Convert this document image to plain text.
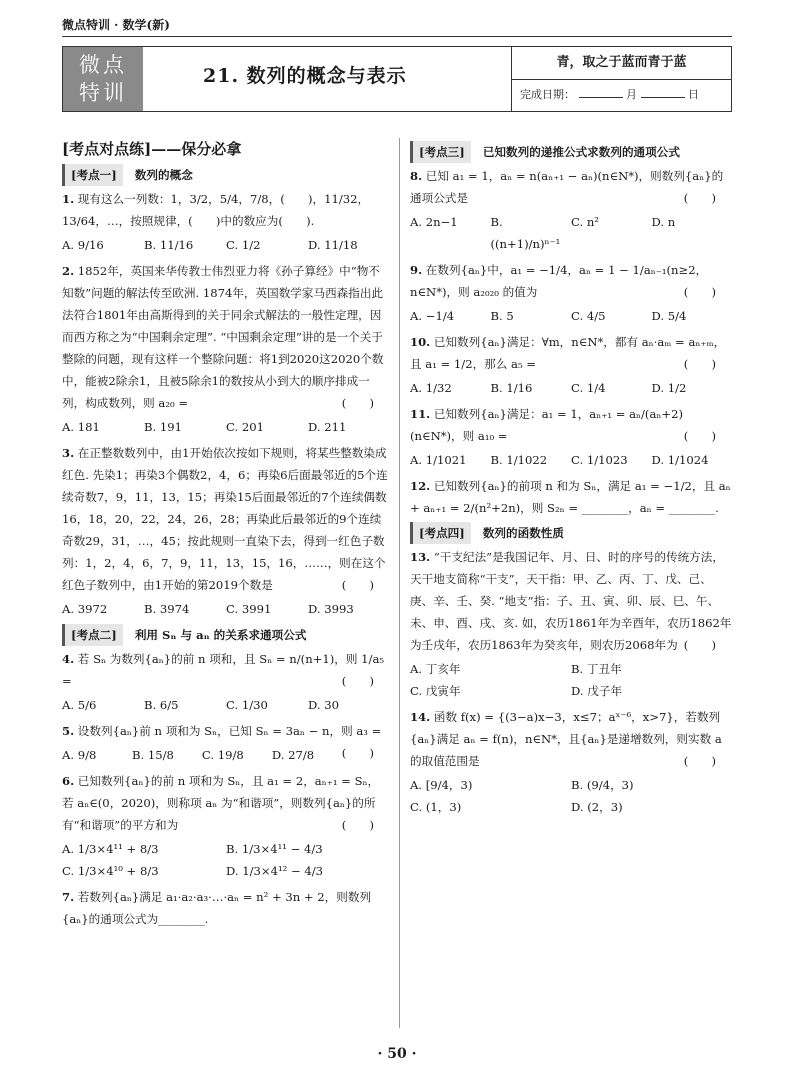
微点特训 · 数学(新)
微点
特训
21. 数列的概念与表示
青，取之于蓝而青于蓝
完成日期：	月	日
[考点对点练]——保分必拿
[考点一] 数列的概念
1. 现有这么一列数：1，3/2，5/4，7/8，(　　)，11/32，13/64，…，按照规律，(　　)中的数应为(　　).
A. 9/16	B. 11/16	C. 1/2	D. 11/18
2. 1852年，英国来华传教士伟烈亚力将《孙子算经》中“物不知数”问题的解法传至欧洲. 1874年，英国数学家马西森指出此法符合1801年由高斯得到的关于同余式解法的一般性定理，因而西方称之为“中国剩余定理”. “中国剩余定理”讲的是一个关于整除的问题，现有这样一个整除问题：将1到2020这2020个数中，能被2除余1，且被5除余1的数按从小到大的顺序排成一列，构成数列，则 a₂₀ =	(　　)
A. 181	B. 191	C. 201	D. 211
3. 在正整数数列中，由1开始依次按如下规则，将某些整数染成红色. 先染1；再染3个偶数2，4，6；再染6后面最邻近的5个连续奇数7，9，11，13，15；再染15后面最邻近的7个连续偶数16，18，20，22，24，26，28；再染此后最邻近的9个连续奇数29，31，…，45；按此规则一直染下去，得到一红色子数列：1，2，4，6，7，9，11，13，15，16，……，则在这个红色子数列中，由1开始的第2019个数是	(　　)
A. 3972	B. 3974	C. 3991	D. 3993
[考点二] 利用 Sₙ 与 aₙ 的关系求通项公式
4. 若 Sₙ 为数列{aₙ}的前 n 项和，且 Sₙ = n/(n+1)，则 1/a₅ =	(　　)
A. 5/6	B. 6/5	C. 1/30	D. 30
5. 设数列{aₙ}前 n 项和为 Sₙ，已知 Sₙ = 3aₙ − n，则 a₃ =
(　　)
A. 9/8	B. 15/8	C. 19/8	D. 27/8
6. 已知数列{aₙ}的前 n 项和为 Sₙ，且 a₁ = 2，aₙ₊₁ = Sₙ，若 aₙ∈(0，2020)，则称项 aₙ 为“和谐项”，则数列{aₙ}的所有“和谐项”的平方和为	(　　)
A. 1/3×4¹¹ + 8/3	B. 1/3×4¹¹ − 4/3
C. 1/3×4¹⁰ + 8/3	D. 1/3×4¹² − 4/3
7. 若数列{aₙ}满足 a₁·a₂·a₃·…·aₙ = n² + 3n + 2，则数列{aₙ}的通项公式为________.
[考点三] 已知数列的递推公式求数列的通项公式
8. 已知 a₁ = 1，aₙ = n(aₙ₊₁ − aₙ)(n∈N*)，则数列{aₙ}的通项公式是	(　　)
A. 2n−1	B. ((n+1)/n)ⁿ⁻¹
C. n²	D. n
9. 在数列{aₙ}中，a₁ = −1/4，aₙ = 1 − 1/aₙ₋₁(n≥2，n∈N*)，则 a₂₀₂₀ 的值为	(　　)
A. −1/4	B. 5	C. 4/5	D. 5/4
10. 已知数列{aₙ}满足：∀m，n∈N*，都有 aₙ·aₘ = aₙ₊ₘ，且 a₁ = 1/2，那么 a₅ =	(　　)
A. 1/32	B. 1/16	C. 1/4	D. 1/2
11. 已知数列{aₙ}满足：a₁ = 1，aₙ₊₁ = aₙ/(aₙ+2)(n∈N*)，则 a₁₀ =	(　　)
A. 1/1021	B. 1/1022	C. 1/1023	D. 1/1024
12. 已知数列{aₙ}的前项 n 和为 Sₙ，满足 a₁ = −1/2，且 aₙ + aₙ₊₁ = 2/(n²+2n)，则 S₂ₙ = ________，aₙ = ________.
[考点四] 数列的函数性质
13. “干支纪法”是我国记年、月、日、时的序号的传统方法，天干地支简称“干支”，天干指：甲、乙、丙、丁、戊、己、庚、辛、壬、癸. “地支”指：子、丑、寅、卯、辰、巳、午、未、申、酉、戌、亥. 如，农历1861年为辛酉年，农历1862年为壬戌年，农历1863年为癸亥年，则农历2068年为 (　　)
A. 丁亥年	B. 丁丑年
C. 戊寅年	D. 戊子年
14. 函数 f(x) = {(3−a)x−3，x≤7；aˣ⁻⁶，x>7}，若数列{aₙ}满足 aₙ = f(n)，n∈N*，且{aₙ}是递增数列，则实数 a 的取值范围是	(　　)
A. [9/4，3)	B. (9/4，3)
C. (1，3)	D. (2，3)
· 50 ·
